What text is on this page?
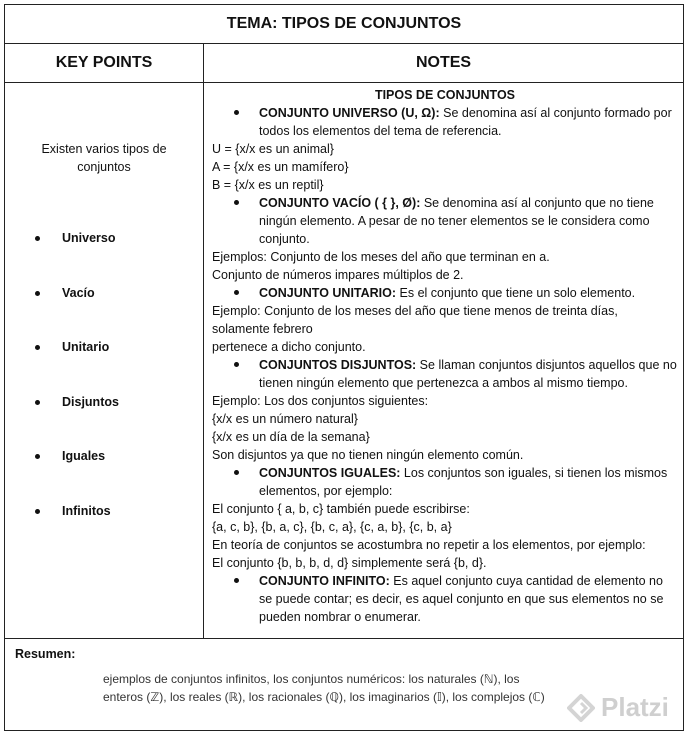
TEMA: TIPOS DE CONJUNTOS
KEY POINTS	NOTES
Existen varios tipos de conjuntos
Universo
Vacío
Unitario
Disjuntos
Iguales
Infinitos
TIPOS DE CONJUNTOS
CONJUNTO UNIVERSO (U, Ω): Se denomina así al conjunto formado por todos los elementos del tema de referencia.
U = {x/x es un animal}
A = {x/x es un mamífero}
B = {x/x es un reptil}
CONJUNTO VACÍO ( { }, Ø): Se denomina así al conjunto que no tiene ningún elemento. A pesar de no tener elementos se le considera como conjunto.
Ejemplos: Conjunto de los meses del año que terminan en a.
Conjunto de números impares múltiplos de 2.
CONJUNTO UNITARIO: Es el conjunto que tiene un solo elemento.
Ejemplo: Conjunto de los meses del año que tiene menos de treinta días, solamente febrero
pertenece a dicho conjunto.
CONJUNTOS DISJUNTOS: Se llaman conjuntos disjuntos aquellos que no tienen ningún elemento que pertenezca a ambos al mismo tiempo.
Ejemplo: Los dos conjuntos siguientes:
{x/x es un número natural}
{x/x es un día de la semana}
Son disjuntos ya que no tienen ningún elemento común.
CONJUNTOS IGUALES: Los conjuntos son iguales, si tienen los mismos elementos, por ejemplo:
El conjunto { a, b, c} también puede escribirse:
{a, c, b}, {b, a, c}, {b, c, a}, {c, a, b}, {c, b, a}
En teoría de conjuntos se acostumbra no repetir a los elementos, por ejemplo:
El conjunto {b, b, b, d, d} simplemente será {b, d}.
CONJUNTO INFINITO: Es aquel conjunto cuya cantidad de elemento no se puede contar; es decir, es aquel conjunto en que sus elementos no se pueden nombrar o enumerar.
Resumen:
ejemplos de conjuntos infinitos, los conjuntos numéricos: los naturales (ℕ), los
enteros (ℤ), los reales (ℝ), los racionales (ℚ), los imaginarios (𝕀), los complejos (ℂ)	Platzi
